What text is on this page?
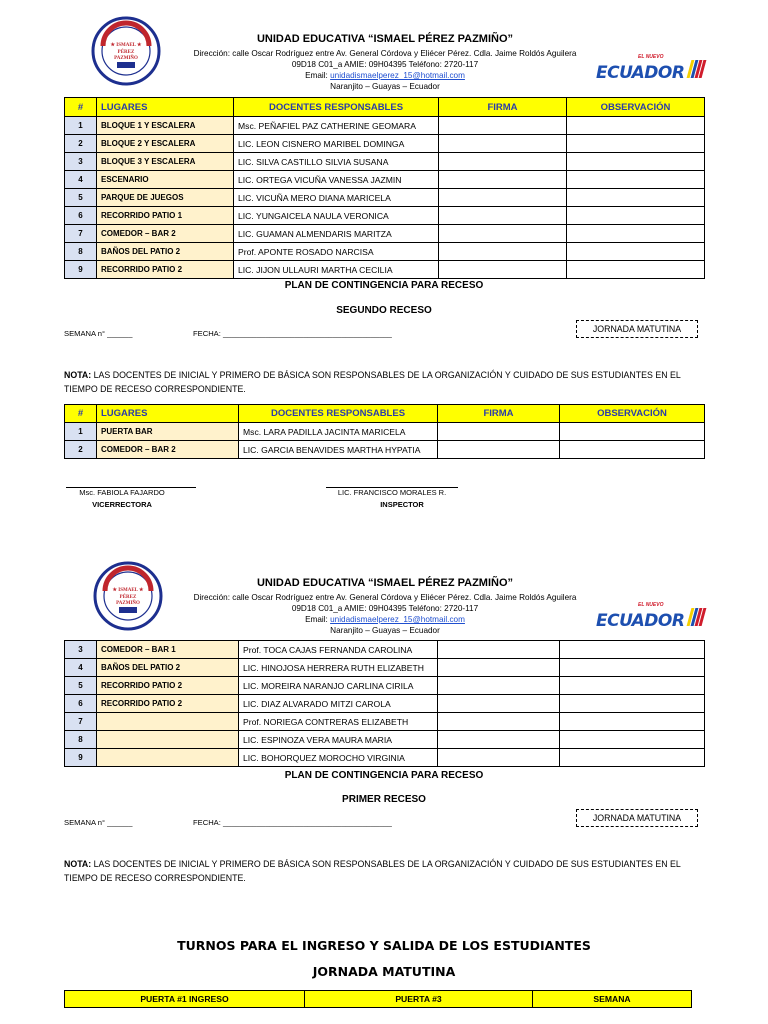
★ ISMAEL ★
PÉREZ
PAZMIÑO
UNIDAD EDUCATIVA “ISMAEL PÉREZ PAZMIÑO”
Dirección: calle Oscar Rodríguez entre Av. General Córdova y Eliécer Pérez. Cdla. Jaime Roldós Aguilera
09D18 C01_a AMIE: 09H04395 Teléfono: 2720-117
Email: unidadismaelperez_15@hotmail.com
Naranjito – Guayas – Ecuador
EL NUEVO
ECUADOR
#	LUGARES	DOCENTES RESPONSABLES	FIRMA	OBSERVACIÓN
1	BLOQUE 1 Y ESCALERA	Msc. PEÑAFIEL PAZ CATHERINE GEOMARA		
2	BLOQUE 2 Y ESCALERA	LIC. LEON CISNERO MARIBEL DOMINGA		
3	BLOQUE 3 Y ESCALERA	LIC. SILVA CASTILLO SILVIA SUSANA		
4	ESCENARIO	LIC. ORTEGA VICUÑA VANESSA JAZMIN		
5	PARQUE DE JUEGOS	LIC. VICUÑA MERO DIANA MARICELA		
6	RECORRIDO PATIO 1	LIC. YUNGAICELA NAULA VERONICA		
7	COMEDOR – BAR 2	LIC. GUAMAN ALMENDARIS MARITZA		
8	BAÑOS DEL PATIO 2	Prof. APONTE ROSADO NARCISA		
9	RECORRIDO PATIO 2	LIC. JIJON ULLAURI MARTHA CECILIA		
PLAN DE CONTINGENCIA PARA RECESO
SEGUNDO RECESO
SEMANA n° ______	FECHA: ________________________________________	JORNADA MATUTINA
NOTA: LAS DOCENTES DE INICIAL Y PRIMERO DE BÁSICA SON RESPONSABLES DE LA ORGANIZACIÓN Y CUIDADO DE SUS ESTUDIANTES EN EL TIEMPO DE RECESO CORRESPONDIENTE.
#	LUGARES	DOCENTES RESPONSABLES	FIRMA	OBSERVACIÓN
1	PUERTA BAR	Msc. LARA PADILLA JACINTA MARICELA		
2	COMEDOR – BAR 2	LIC. GARCIA BENAVIDES MARTHA HYPATIA		
Msc. FABIOLA FAJARDO
VICERRECTORA
LIC. FRANCISCO MORALES R.
INSPECTOR
★ ISMAEL ★
PÉREZ
PAZMIÑO
UNIDAD EDUCATIVA “ISMAEL PÉREZ PAZMIÑO”
Dirección: calle Oscar Rodríguez entre Av. General Córdova y Eliécer Pérez. Cdla. Jaime Roldós Aguilera
09D18 C01_a AMIE: 09H04395 Teléfono: 2720-117
Email: unidadismaelperez_15@hotmail.com
Naranjito – Guayas – Ecuador
EL NUEVO
ECUADOR
3	COMEDOR – BAR 1	Prof. TOCA CAJAS FERNANDA CAROLINA		
4	BAÑOS DEL PATIO 2	LIC. HINOJOSA HERRERA RUTH ELIZABETH		
5	RECORRIDO PATIO 2	LIC. MOREIRA NARANJO CARLINA CIRILA		
6	RECORRIDO PATIO 2	LIC. DIAZ ALVARADO MITZI CAROLA		
7		Prof. NORIEGA CONTRERAS ELIZABETH		
8		LIC. ESPINOZA VERA MAURA MARIA		
9		LIC. BOHORQUEZ MOROCHO VIRGINIA		
PLAN DE CONTINGENCIA PARA RECESO
PRIMER RECESO
SEMANA n° ______	FECHA: ________________________________________	JORNADA MATUTINA
NOTA: LAS DOCENTES DE INICIAL Y PRIMERO DE BÁSICA SON RESPONSABLES DE LA ORGANIZACIÓN Y CUIDADO DE SUS ESTUDIANTES EN EL TIEMPO DE RECESO CORRESPONDIENTE.
TURNOS PARA EL INGRESO Y SALIDA DE LOS ESTUDIANTES
JORNADA MATUTINA
PUERTA #1 INGRESO	PUERTA #3	SEMANA
